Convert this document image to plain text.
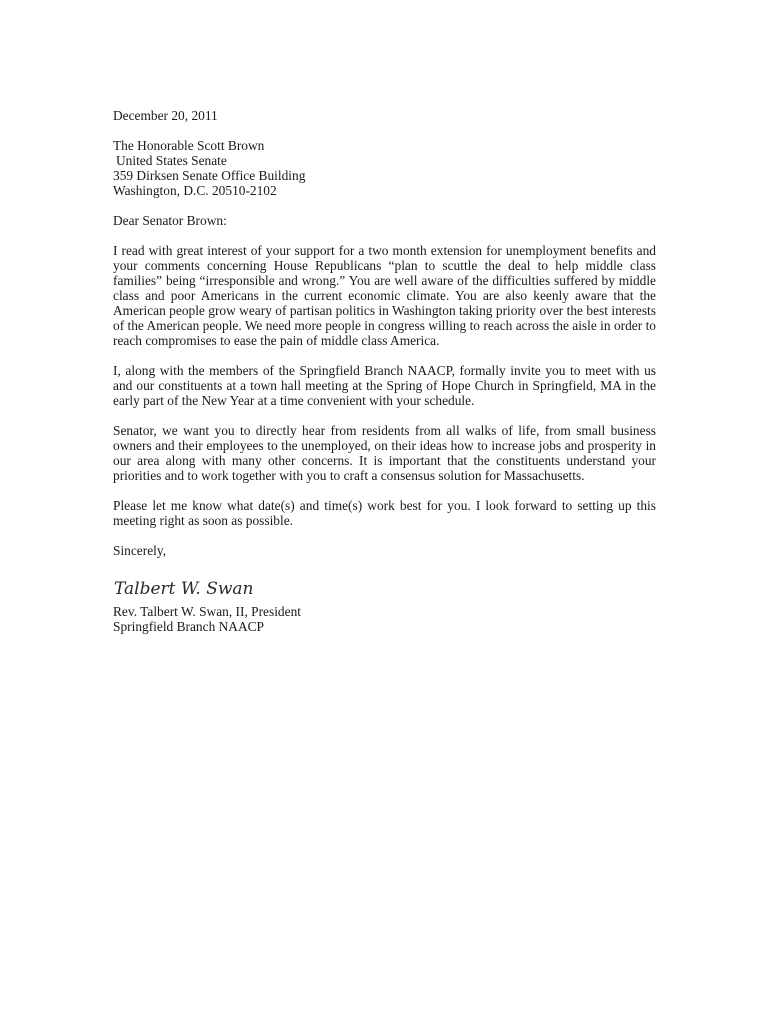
December 20, 2011
The Honorable Scott Brown
United States Senate
359 Dirksen Senate Office Building
Washington, D.C. 20510-2102
Dear Senator Brown:

I read with great interest of your support for a two month extension for unemployment benefits and your comments concerning House Republicans “plan to scuttle the deal to help middle class families” being “irresponsible and wrong.” You are well aware of the difficulties suffered by middle class and poor Americans in the current economic climate. You are also keenly aware that the American people grow weary of partisan politics in Washington taking priority over the best interests of the American people. We need more people in congress willing to reach across the aisle in order to reach compromises to ease the pain of middle class America.

I, along with the members of the Springfield Branch NAACP, formally invite you to meet with us and our constituents at a town hall meeting at the Spring of Hope Church in Springfield, MA in the early part of the New Year at a time convenient with your schedule.

Senator, we want you to directly hear from residents from all walks of life, from small business owners and their employees to the unemployed, on their ideas how to increase jobs and prosperity in our area along with many other concerns. It is important that the constituents understand your priorities and to work together with you to craft a consensus solution for Massachusetts.

Please let me know what date(s) and time(s) work best for you. I look forward to setting up this meeting right as soon as possible.

Sincerely,
Talbert W. Swan
Rev. Talbert W. Swan, II, President
Springfield Branch NAACP
